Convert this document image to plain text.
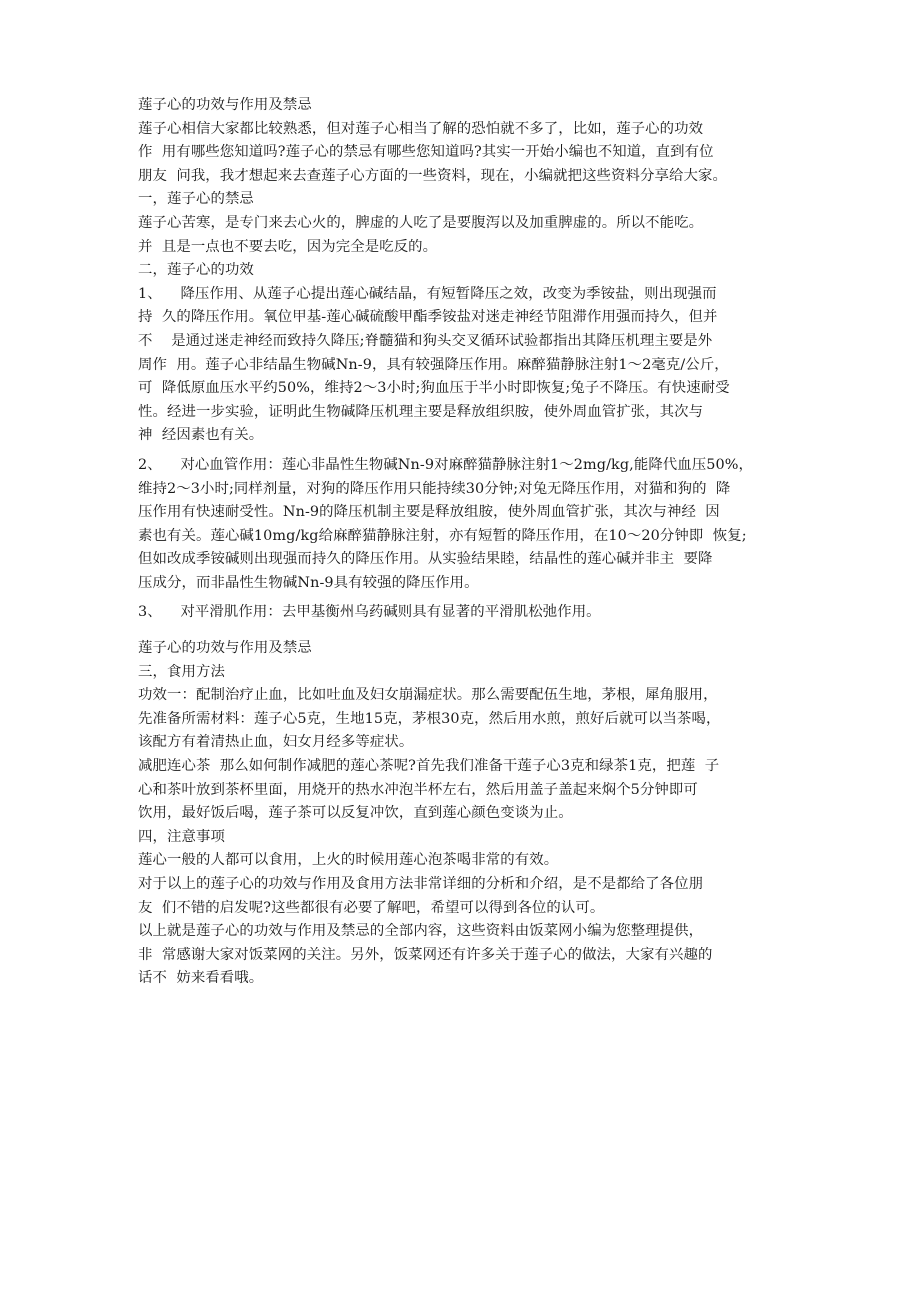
莲子心的功效与作用及禁忌
莲子心相信大家都比较熟悉，但对莲子心相当了解的恐怕就不多了，比如，莲子心的功效
作  用有哪些您知道吗?莲子心的禁忌有哪些您知道吗?其实一开始小编也不知道，直到有位
朋友  问我，我才想起来去查莲子心方面的一些资料，现在，小编就把这些资料分享给大家。
一，莲子心的禁忌
莲子心苦寒，是专门来去心火的，脾虚的人吃了是要腹泻以及加重脾虚的。所以不能吃。
并  且是一点也不要去吃，因为完全是吃反的。
二，莲子心的功效
1、    降压作用、从莲子心提出莲心碱结晶，有短暂降压之效，改变为季铵盐，则出现强而
持  久的降压作用。氧位甲基-莲心碱硫酸甲酯季铵盐对迷走神经节阻滞作用强而持久，但并
不    是通过迷走神经而致持久降压;脊髓猫和狗头交叉循环试验都指出其降压机理主要是外
周作  用。莲子心非结晶生物碱Nn-9，具有较强降压作用。麻醉猫静脉注射1〜2毫克/公斤，
可  降低原血压水平约50%，维持2〜3小时;狗血压于半小时即恢复;兔子不降压。有快速耐受
性。经进一步实验，证明此生物碱降压机理主要是释放组织胺，使外周血管扩张，其次与
神  经因素也有关。
2、    对心血管作用：莲心非晶性生物碱Nn-9对麻醉猫静脉注射1〜2mg/kg,能降代血压50%，
维持2〜3小时;同样剂量，对狗的降压作用只能持续30分钟;对兔无降压作用，对猫和狗的  降
压作用有快速耐受性。Nn-9的降压机制主要是释放组胺，使外周血管扩张，其次与神经  因
素也有关。莲心碱10mg/kg给麻醉猫静脉注射，亦有短暂的降压作用，在10〜20分钟即  恢复;
但如改成季铵碱则出现强而持久的降压作用。从实验结果睦，结晶性的莲心碱并非主  要降
压成分，而非晶性生物碱Nn-9具有较强的降压作用。
3、    对平滑肌作用：去甲基衡州乌药碱则具有显著的平滑肌松弛作用。
莲子心的功效与作用及禁忌
三，食用方法
功效一：配制治疗止血，比如吐血及妇女崩漏症状。那么需要配伍生地，茅根，犀角服用，
先准备所需材料：莲子心5克，生地15克，茅根30克，然后用水煎，煎好后就可以当茶喝，
该配方有着清热止血，妇女月经多等症状。
减肥连心茶  那么如何制作减肥的莲心茶呢?首先我们准备干莲子心3克和绿茶1克，把莲  子
心和茶叶放到茶杯里面，用烧开的热水冲泡半杯左右，然后用盖子盖起来焖个5分钟即可
饮用，最好饭后喝，莲子茶可以反复冲饮，直到莲心颜色变谈为止。
四，注意事项
莲心一般的人都可以食用，上火的时候用莲心泡茶喝非常的有效。
对于以上的莲子心的功效与作用及食用方法非常详细的分析和介绍，是不是都给了各位朋
友  们不错的启发呢?这些都很有必要了解吧，希望可以得到各位的认可。
以上就是莲子心的功效与作用及禁忌的全部内容，这些资料由饭菜网小编为您整理提供，
非  常感谢大家对饭菜网的关注。另外，饭菜网还有许多关于莲子心的做法，大家有兴趣的
话不  妨来看看哦。
